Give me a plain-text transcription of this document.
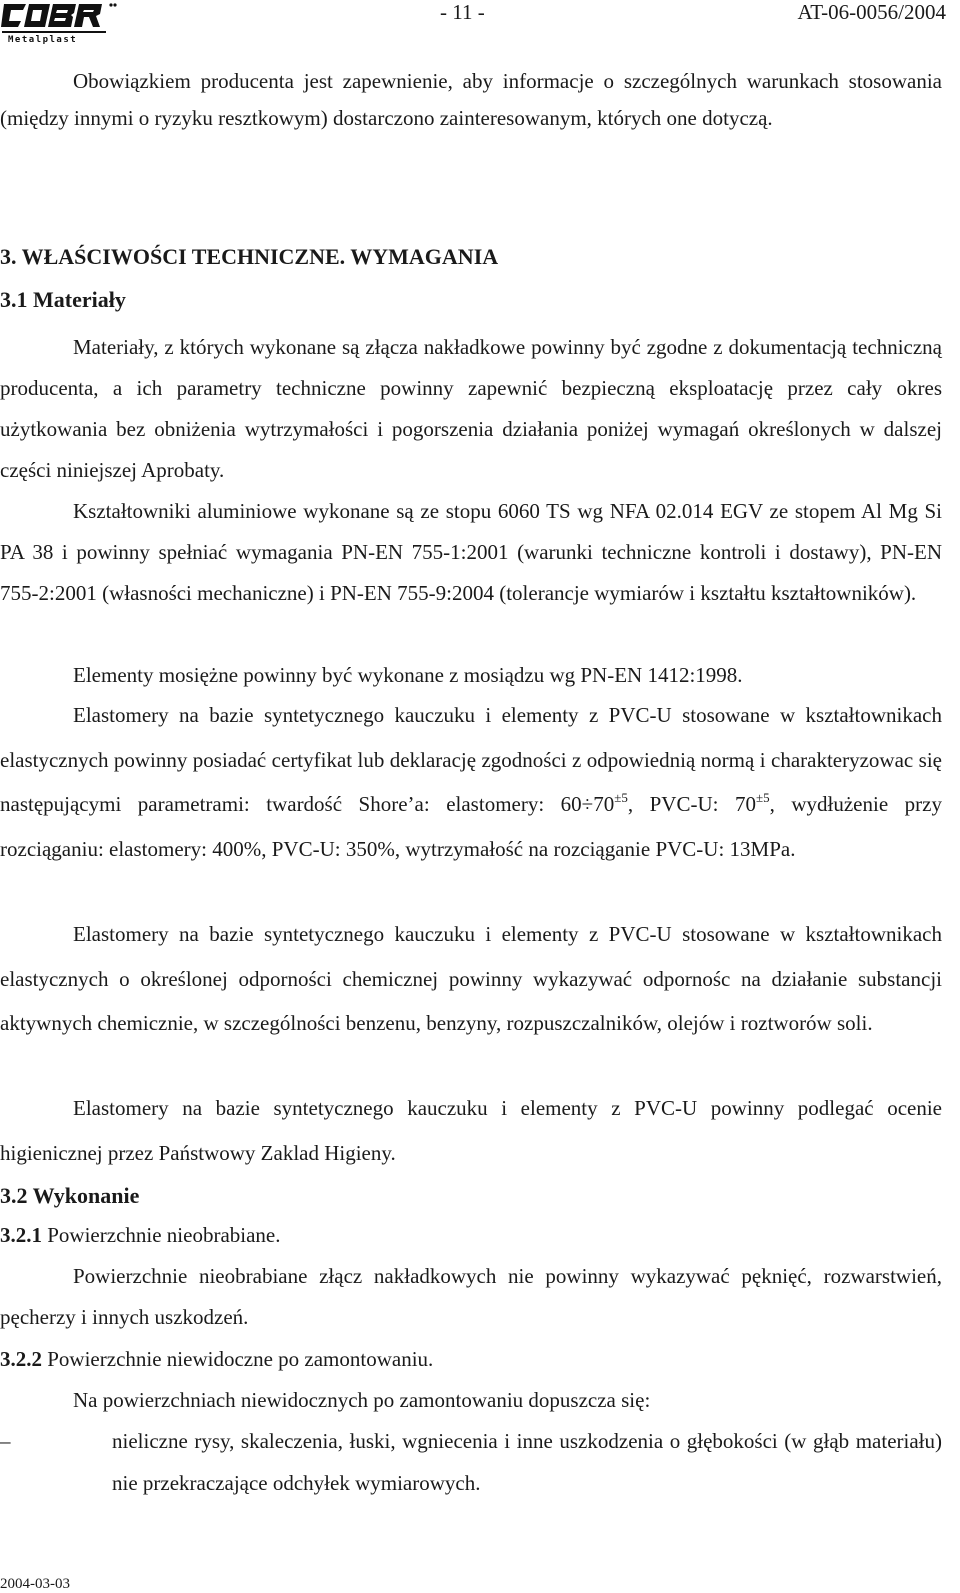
Metalplast
- 11 -	AT-06-0056/2004

Obowiązkiem producenta jest zapewnienie, aby informacje o szczególnych warunkach stosowania (między innymi o ryzyku resztkowym) dostarczono zainteresowanym, których one dotyczą.

3. WŁAŚCIWOŚCI TECHNICZNE. WYMAGANIA

3.1 Materiały

Materiały, z których wykonane są złącza nakładkowe powinny być zgodne z dokumentacją techniczną producenta, a ich parametry techniczne powinny zapewnić bezpieczną eksploatację przez cały okres użytkowania bez obniżenia wytrzymałości i pogorszenia działania poniżej wymagań określonych w dalszej części niniejszej Aprobaty.

Kształtowniki aluminiowe wykonane są ze stopu 6060 TS wg NFA 02.014 EGV ze stopem Al Mg Si PA 38 i powinny spełniać wymagania PN-EN 755-1:2001 (warunki techniczne kontroli i dostawy), PN-EN 755-2:2001 (własności mechaniczne) i PN-EN 755-9:2004 (tolerancje wymiarów i kształtu kształtowników).

Elementy mosiężne powinny być wykonane z mosiądzu wg PN-EN 1412:1998.

Elastomery na bazie syntetycznego kauczuku i elementy z PVC-U stosowane w kształtownikach elastycznych powinny posiadać certyfikat lub deklarację zgodności z odpowiednią normą i charakteryzowac się następującymi parametrami: twardość Shore’a: elastomery: $60\div 70^{\pm 5}$, PVC-U: $70^{\pm 5}$, wydłużenie przy rozciąganiu: elastomery: 400%, PVC-U: 350%, wytrzymałość na rozciąganie PVC-U: 13MPa.

Elastomery na bazie syntetycznego kauczuku i elementy z PVC-U stosowane w kształtownikach elastycznych o określonej odporności chemicznej powinny wykazywać odpornośc na działanie substancji aktywnych chemicznie, w szczególności benzenu, benzyny, rozpuszczalników, olejów i roztworów soli.

Elastomery na bazie syntetycznego kauczuku i elementy z PVC-U powinny podlegać ocenie higienicznej przez Państwowy Zaklad Higieny.

3.2 Wykonanie

3.2.1 Powierzchnie nieobrabiane.

Powierzchnie nieobrabiane złącz nakładkowych nie powinny wykazywać pęknięć, rozwarstwień, pęcherzy i innych uszkodzeń.

3.2.2 Powierzchnie niewidoczne po zamontowaniu.

Na powierzchniach niewidocznych po zamontowaniu dopuszcza się:

–	nieliczne rysy, skaleczenia, łuski, wgniecenia i inne uszkodzenia o głębokości (w głąb materiału) nie przekraczające odchyłek wymiarowych.
2004-03-03
